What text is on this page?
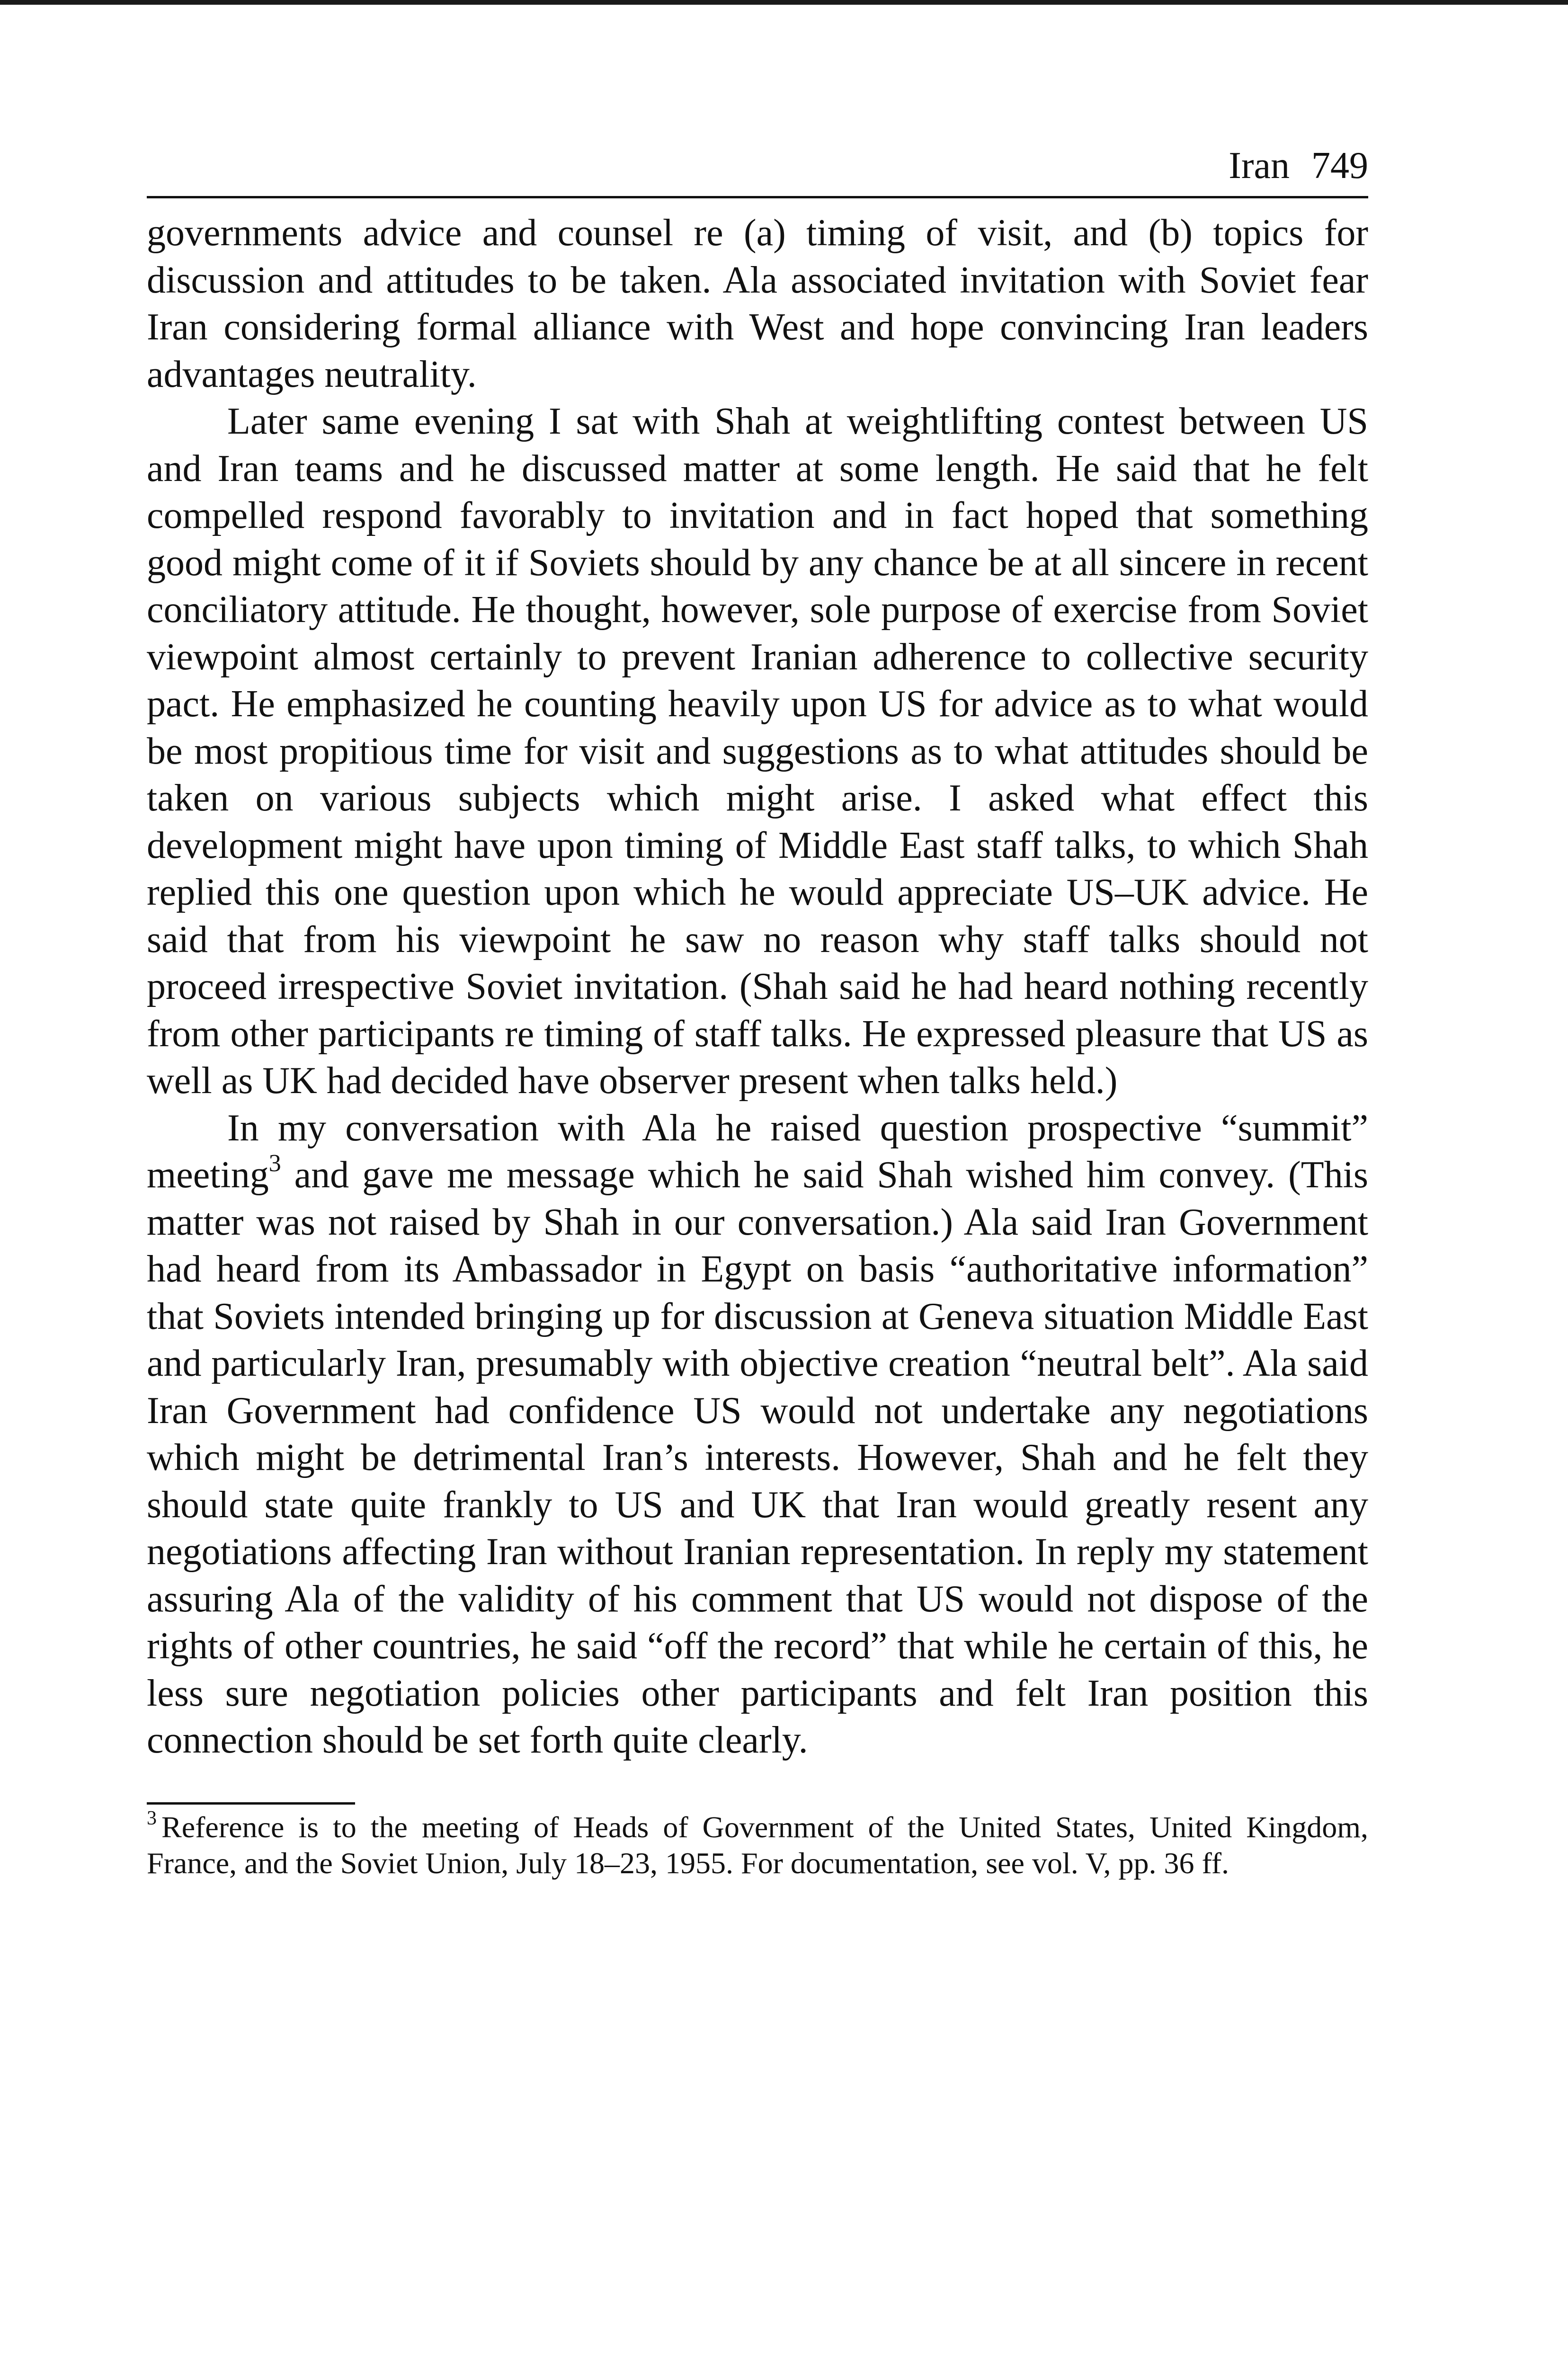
Iran 749

governments advice and counsel re (a) timing of visit, and (b) topics for discussion and attitudes to be taken. Ala associated invitation with Soviet fear Iran considering formal alliance with West and hope convincing Iran leaders advantages neutrality.

Later same evening I sat with Shah at weightlifting contest between US and Iran teams and he discussed matter at some length. He said that he felt compelled respond favorably to invitation and in fact hoped that something good might come of it if Soviets should by any chance be at all sincere in recent conciliatory attitude. He thought, however, sole purpose of exercise from Soviet viewpoint almost certainly to prevent Iranian adherence to collective security pact. He emphasized he counting heavily upon US for advice as to what would be most propitious time for visit and suggestions as to what attitudes should be taken on various subjects which might arise. I asked what effect this development might have upon timing of Middle East staff talks, to which Shah replied this one question upon which he would appreciate US–UK advice. He said that from his viewpoint he saw no reason why staff talks should not proceed irrespective Soviet invitation. (Shah said he had heard nothing recently from other participants re timing of staff talks. He expressed pleasure that US as well as UK had decided have observer present when talks held.)

In my conversation with Ala he raised question prospective “summit” meeting$^3$ and gave me message which he said Shah wished him convey. (This matter was not raised by Shah in our conversation.) Ala said Iran Government had heard from its Ambassador in Egypt on basis “authoritative information” that Soviets intended bringing up for discussion at Geneva situation Middle East and particularly Iran, presumably with objective creation “neutral belt”. Ala said Iran Government had confidence US would not undertake any negotiations which might be detrimental Iran’s interests. However, Shah and he felt they should state quite frankly to US and UK that Iran would greatly resent any negotiations affecting Iran without Iranian representation. In reply my statement assuring Ala of the validity of his comment that US would not dispose of the rights of other countries, he said “off the record” that while he certain of this, he less sure negotiation policies other participants and felt Iran position this connection should be set forth quite clearly.

$^3$ Reference is to the meeting of Heads of Government of the United States, United Kingdom, France, and the Soviet Union, July 18–23, 1955. For documentation, see vol. V, pp. 36 ff.
